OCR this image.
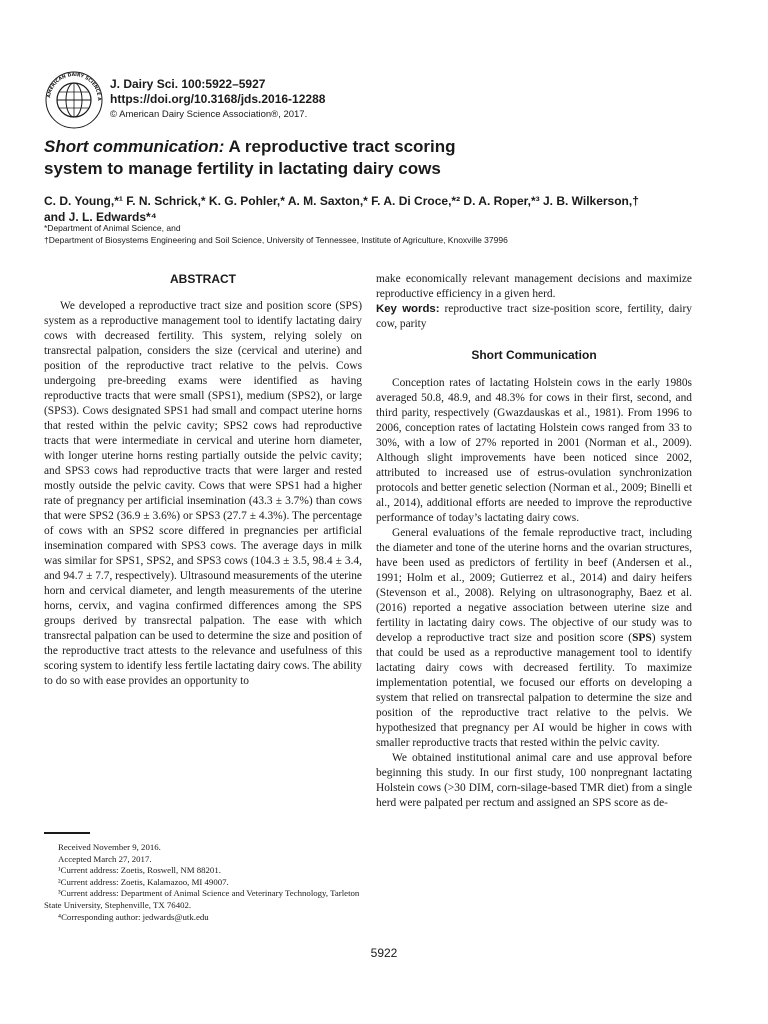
AMERICAN DAIRY SCIENCE A
J. Dairy Sci. 100:5922–5927
https://doi.org/10.3168/jds.2016-12288
© American Dairy Science Association®, 2017.
Short communication: A reproductive tract scoring
system to manage fertility in lactating dairy cows
C. D. Young,*¹ F. N. Schrick,* K. G. Pohler,* A. M. Saxton,* F. A. Di Croce,*² D. A. Roper,*³ J. B. Wilkerson,†
and J. L. Edwards*⁴
*Department of Animal Science, and
†Department of Biosystems Engineering and Soil Science, University of Tennessee, Institute of Agriculture, Knoxville 37996
ABSTRACT

We developed a reproductive tract size and position score (SPS) system as a reproductive management tool to identify lactating dairy cows with decreased fertility. This system, relying solely on transrectal palpation, considers the size (cervical and uterine) and position of the reproductive tract relative to the pelvis. Cows undergoing pre-breeding exams were identified as having reproductive tracts that were small (SPS1), medium (SPS2), or large (SPS3). Cows designated SPS1 had small and compact uterine horns that rested within the pelvic cavity; SPS2 cows had reproductive tracts that were intermediate in cervical and uterine horn diameter, with longer uterine horns resting partially outside the pelvic cavity; and SPS3 cows had reproductive tracts that were larger and rested mostly outside the pelvic cavity. Cows that were SPS1 had a higher rate of pregnancy per artificial insemination (43.3 ± 3.7%) than cows that were SPS2 (36.9 ± 3.6%) or SPS3 (27.7 ± 4.3%). The percentage of cows with an SPS2 score differed in pregnancies per artificial insemination compared with SPS3 cows. The average days in milk was similar for SPS1, SPS2, and SPS3 cows (104.3 ± 3.5, 98.4 ± 3.4, and 94.7 ± 7.7, respectively). Ultrasound measurements of the uterine horn and cervical diameter, and length measurements of the uterine horns, cervix, and vagina confirmed differences among the SPS groups derived by transrectal palpation. The ease with which transrectal palpation can be used to determine the size and position of the reproductive tract attests to the relevance and usefulness of this scoring system to identify less fertile lactating dairy cows. The ability to do so with ease provides an opportunity to

Received November 9, 2016.
Accepted March 27, 2017.
¹Current address: Zoetis, Roswell, NM 88201.
²Current address: Zoetis, Kalamazoo, MI 49007.
³Current address: Department of Animal Science and Veterinary Technology, Tarleton State University, Stephenville, TX 76402.
⁴Corresponding author: jedwards@utk.edu

make economically relevant management decisions and maximize reproductive efficiency in a given herd.

Key words: reproductive tract size-position score, fertility, dairy cow, parity

Short Communication

Conception rates of lactating Holstein cows in the early 1980s averaged 50.8, 48.9, and 48.3% for cows in their first, second, and third parity, respectively (Gwazdauskas et al., 1981). From 1996 to 2006, conception rates of lactating Holstein cows ranged from 33 to 30%, with a low of 27% reported in 2001 (Norman et al., 2009). Although slight improvements have been noticed since 2002, attributed to increased use of estrus-ovulation synchronization protocols and better genetic selection (Norman et al., 2009; Binelli et al., 2014), additional efforts are needed to improve the reproductive performance of today’s lactating dairy cows.

General evaluations of the female reproductive tract, including the diameter and tone of the uterine horns and the ovarian structures, have been used as predictors of fertility in beef (Andersen et al., 1991; Holm et al., 2009; Gutierrez et al., 2014) and dairy heifers (Stevenson et al., 2008). Relying on ultrasonography, Baez et al. (2016) reported a negative association between uterine size and fertility in lactating dairy cows. The objective of our study was to develop a reproductive tract size and position score (SPS) system that could be used as a reproductive management tool to identify lactating dairy cows with decreased fertility. To maximize implementation potential, we focused our efforts on developing a system that relied on transrectal palpation to determine the size and position of the reproductive tract relative to the pelvis. We hypothesized that pregnancy per AI would be higher in cows with smaller reproductive tracts that rested within the pelvic cavity.

We obtained institutional animal care and use approval before beginning this study. In our first study, 100 nonpregnant lactating Holstein cows (>30 DIM, corn-silage-based TMR diet) from a single herd were palpated per rectum and assigned an SPS score as de-

5922
